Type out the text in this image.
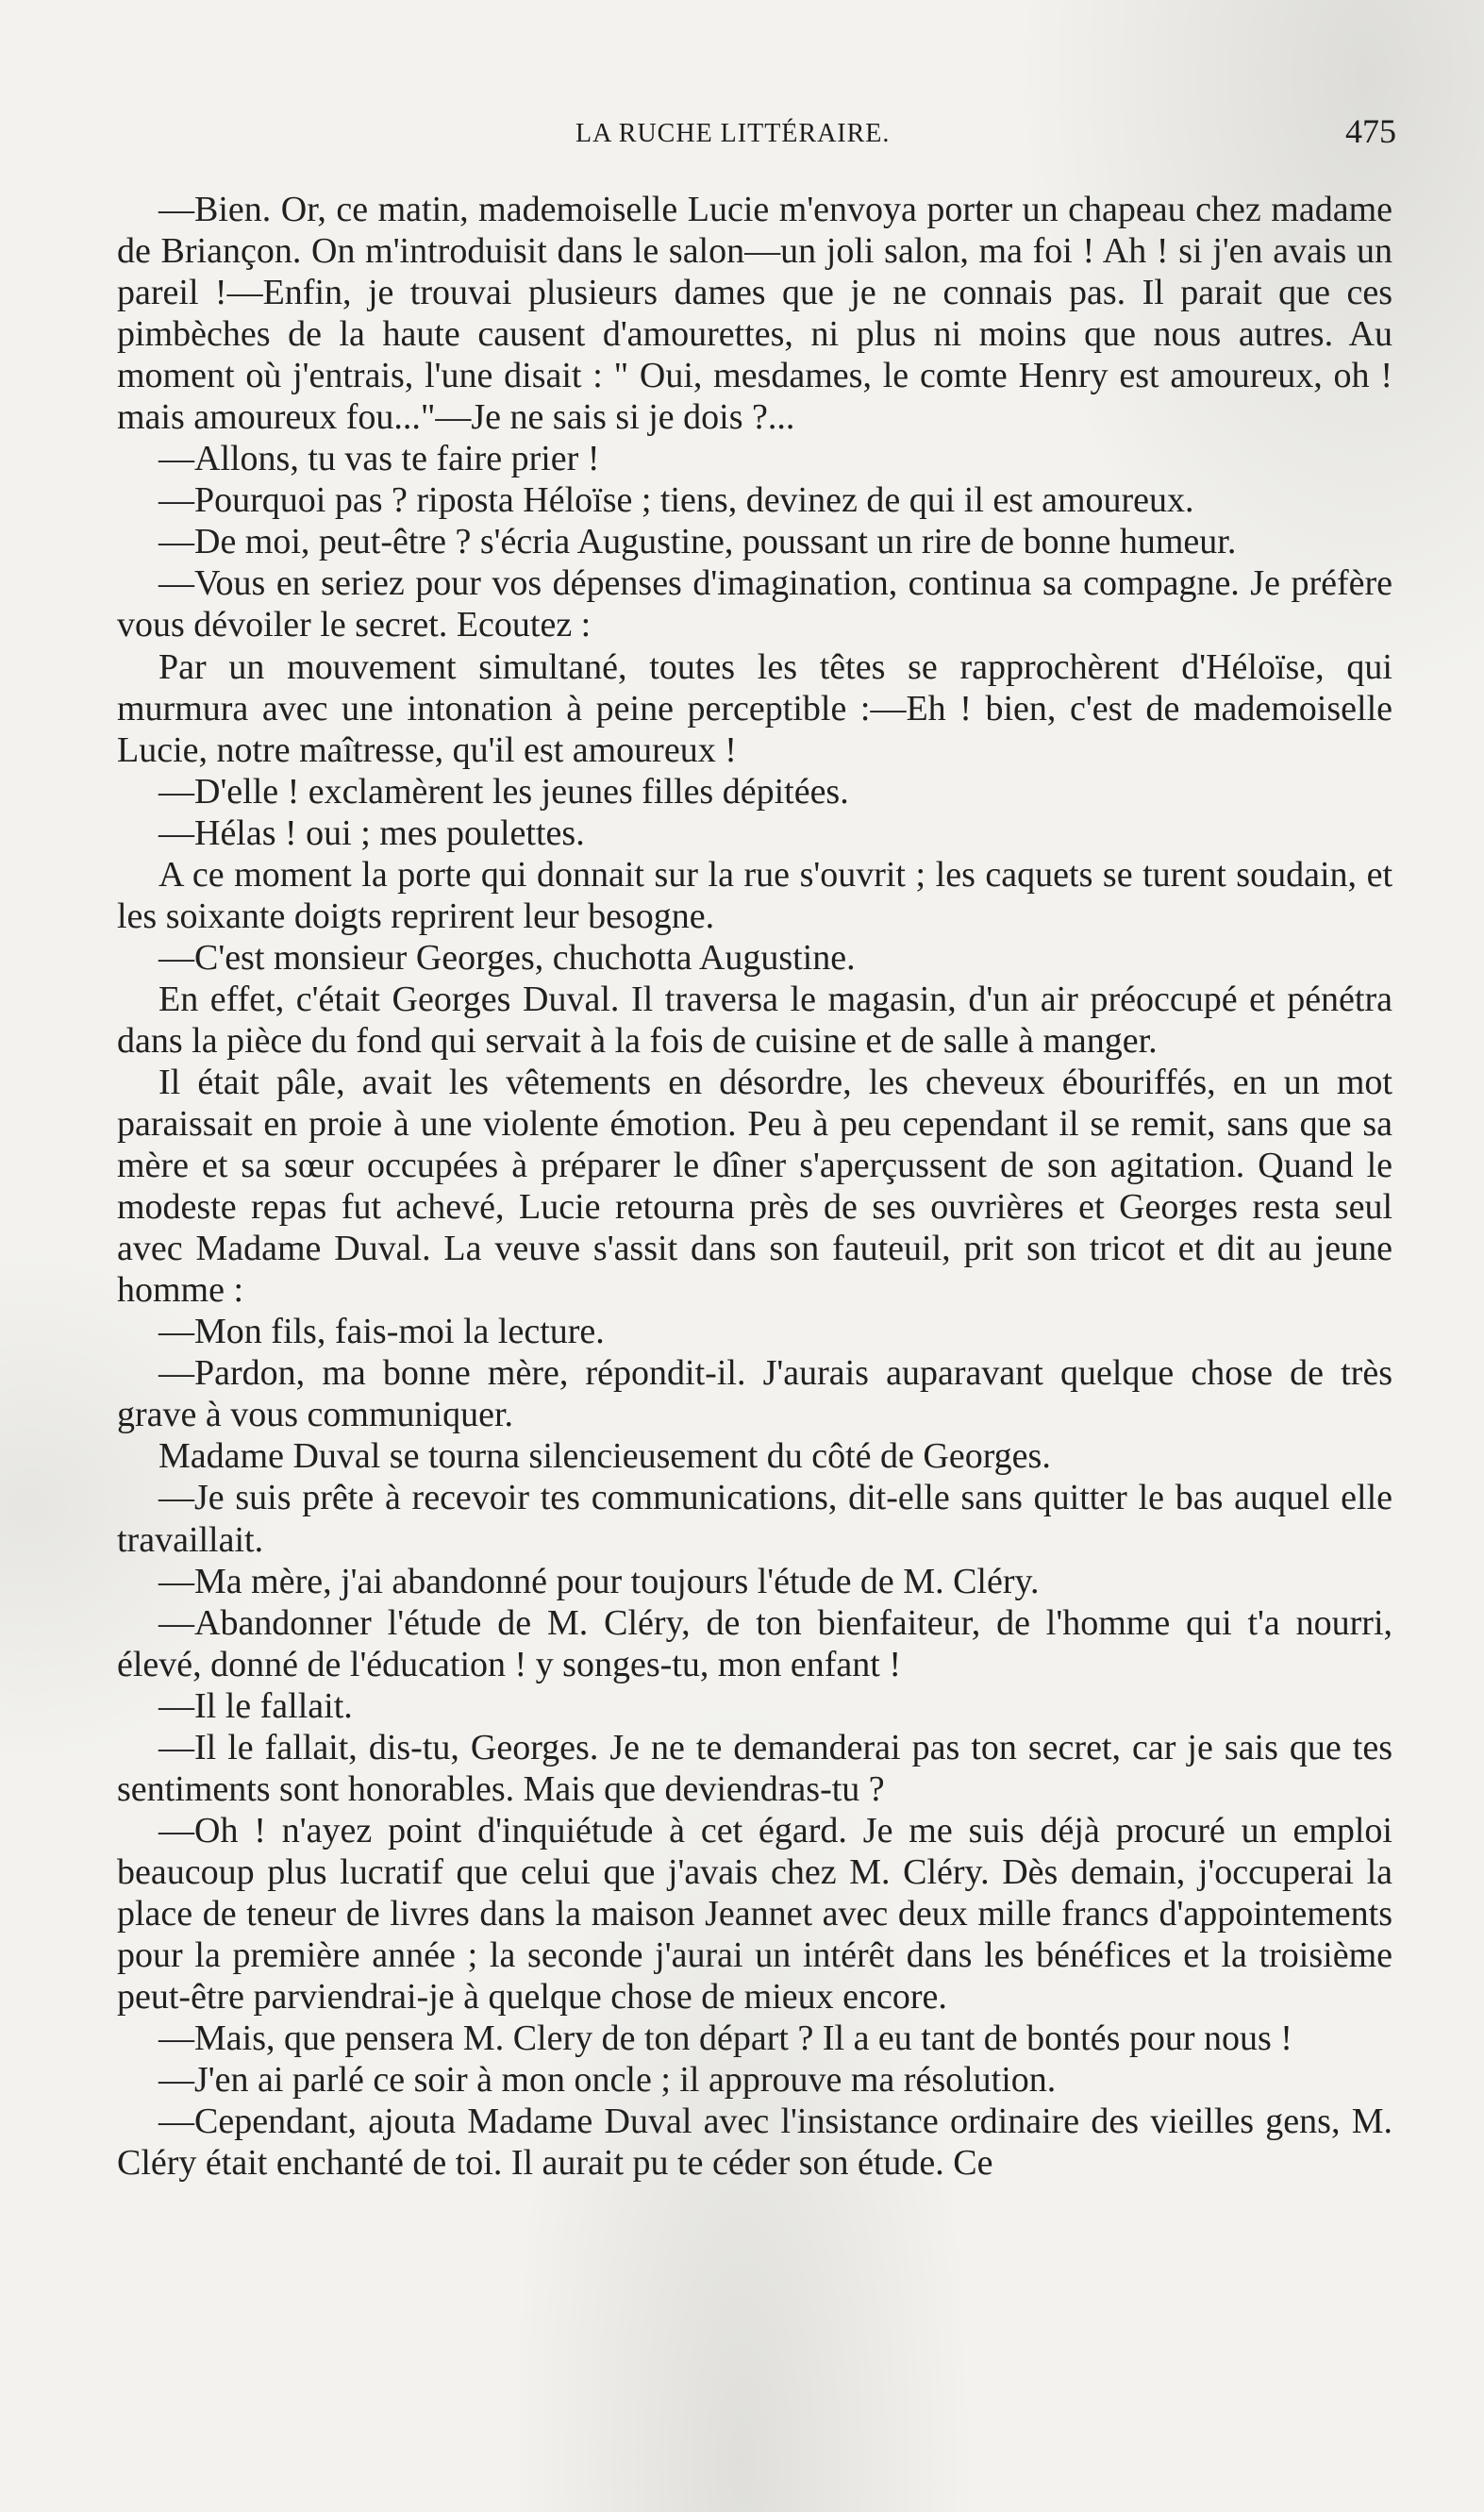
LA RUCHE LITTÉRAIRE.	475

—Bien. Or, ce matin, mademoiselle Lucie m'envoya porter un chapeau chez madame de Briançon. On m'introduisit dans le salon—un joli salon, ma foi ! Ah ! si j'en avais un pareil !—Enfin, je trouvai plusieurs dames que je ne connais pas. Il parait que ces pimbèches de la haute causent d'amourettes, ni plus ni moins que nous autres. Au moment où j'entrais, l'une disait : " Oui, mesdames, le comte Henry est amoureux, oh ! mais amoureux fou..."—Je ne sais si je dois ?...

—Allons, tu vas te faire prier !

—Pourquoi pas ? riposta Héloïse ; tiens, devinez de qui il est amoureux.

—De moi, peut-être ? s'écria Augustine, poussant un rire de bonne humeur.

—Vous en seriez pour vos dépenses d'imagination, continua sa compagne. Je préfère vous dévoiler le secret. Ecoutez :

Par un mouvement simultané, toutes les têtes se rapprochèrent d'Héloïse, qui murmura avec une intonation à peine perceptible :—Eh ! bien, c'est de mademoiselle Lucie, notre maîtresse, qu'il est amoureux !

—D'elle ! exclamèrent les jeunes filles dépitées.

—Hélas ! oui ; mes poulettes.

A ce moment la porte qui donnait sur la rue s'ouvrit ; les caquets se turent soudain, et les soixante doigts reprirent leur besogne.

—C'est monsieur Georges, chuchotta Augustine.

En effet, c'était Georges Duval. Il traversa le magasin, d'un air préoccupé et pénétra dans la pièce du fond qui servait à la fois de cuisine et de salle à manger.

Il était pâle, avait les vêtements en désordre, les cheveux ébouriffés, en un mot paraissait en proie à une violente émotion. Peu à peu cependant il se remit, sans que sa mère et sa sœur occupées à préparer le dîner s'aperçussent de son agitation. Quand le modeste repas fut achevé, Lucie retourna près de ses ouvrières et Georges resta seul avec Madame Duval. La veuve s'assit dans son fauteuil, prit son tricot et dit au jeune homme :

—Mon fils, fais-moi la lecture.

—Pardon, ma bonne mère, répondit-il. J'aurais auparavant quelque chose de très grave à vous communiquer.

Madame Duval se tourna silencieusement du côté de Georges.

—Je suis prête à recevoir tes communications, dit-elle sans quitter le bas auquel elle travaillait.

—Ma mère, j'ai abandonné pour toujours l'étude de M. Cléry.

—Abandonner l'étude de M. Cléry, de ton bienfaiteur, de l'homme qui t'a nourri, élevé, donné de l'éducation ! y songes-tu, mon enfant !

—Il le fallait.

—Il le fallait, dis-tu, Georges. Je ne te demanderai pas ton secret, car je sais que tes sentiments sont honorables. Mais que deviendras-tu ?

—Oh ! n'ayez point d'inquiétude à cet égard. Je me suis déjà procuré un emploi beaucoup plus lucratif que celui que j'avais chez M. Cléry. Dès demain, j'occuperai la place de teneur de livres dans la maison Jeannet avec deux mille francs d'appointements pour la première année ; la seconde j'aurai un intérêt dans les bénéfices et la troisième peut-être parviendrai-je à quelque chose de mieux encore.

—Mais, que pensera M. Clery de ton départ ? Il a eu tant de bontés pour nous !

—J'en ai parlé ce soir à mon oncle ; il approuve ma résolution.

—Cependant, ajouta Madame Duval avec l'insistance ordinaire des vieilles gens, M. Cléry était enchanté de toi. Il aurait pu te céder son étude. Ce
